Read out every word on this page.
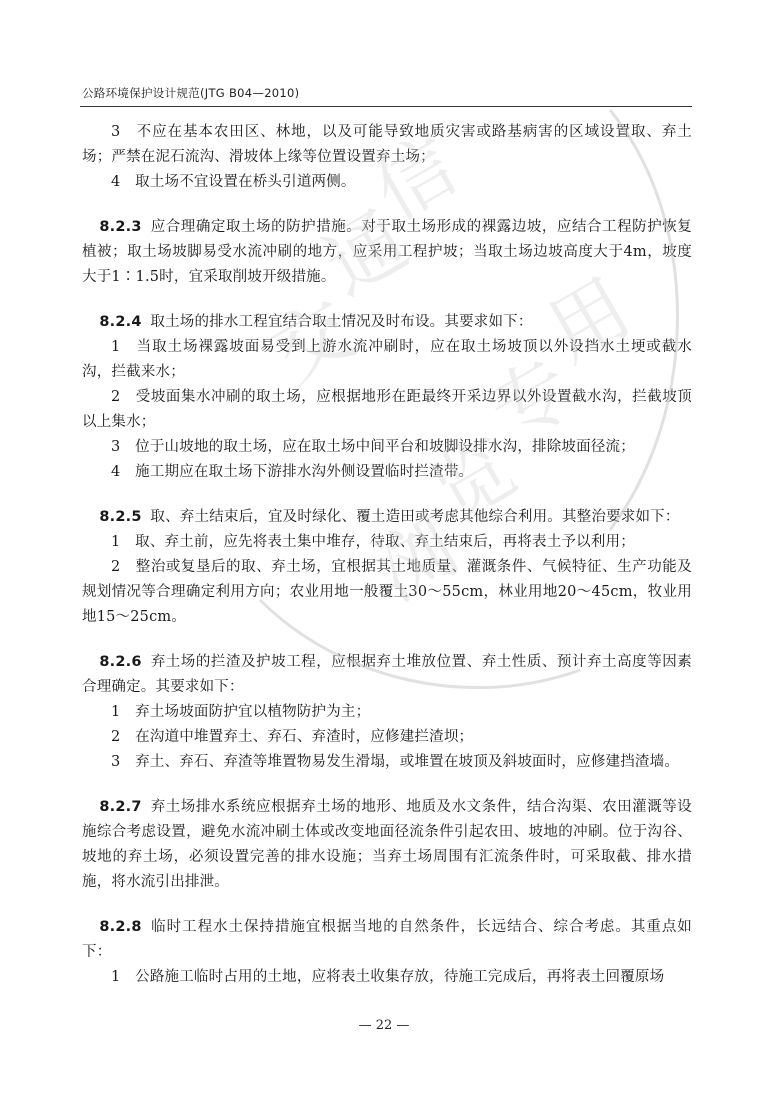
公路环境保护设计规范(JTG B04—2010)

3　不应在基本农田区、林地，以及可能导致地质灾害或路基病害的区域设置取、弃土场；严禁在泥石流沟、滑坡体上缘等位置设置弃土场；

4　取土场不宜设置在桥头引道两侧。

8.2.3 应合理确定取土场的防护措施。对于取土场形成的裸露边坡，应结合工程防护恢复植被；取土场坡脚易受水流冲刷的地方，应采用工程护坡；当取土场边坡高度大于4m，坡度大于1∶1.5时，宜采取削坡开级措施。

8.2.4 取土场的排水工程宜结合取土情况及时布设。其要求如下：

1　当取土场裸露坡面易受到上游水流冲刷时，应在取土场坡顶以外设挡水土埂或截水沟，拦截来水；

2　受坡面集水冲刷的取土场，应根据地形在距最终开采边界以外设置截水沟，拦截坡顶以上集水；

3　位于山坡地的取土场，应在取土场中间平台和坡脚设排水沟，排除坡面径流；

4　施工期应在取土场下游排水沟外侧设置临时拦渣带。

8.2.5 取、弃土结束后，宜及时绿化、覆土造田或考虑其他综合利用。其整治要求如下：

1　取、弃土前，应先将表土集中堆存，待取、弃土结束后，再将表土予以利用；

2　整治或复垦后的取、弃土场，宜根据其土地质量、灌溉条件、气候特征、生产功能及规划情况等合理确定利用方向；农业用地一般覆土30～55cm，林业用地20～45cm，牧业用地15～25cm。

8.2.6 弃土场的拦渣及护坡工程，应根据弃土堆放位置、弃土性质、预计弃土高度等因素合理确定。其要求如下：

1　弃土场坡面防护宜以植物防护为主；

2　在沟道中堆置弃土、弃石、弃渣时，应修建拦渣坝；

3　弃土、弃石、弃渣等堆置物易发生滑塌，或堆置在坡顶及斜坡面时，应修建挡渣墙。

8.2.7 弃土场排水系统应根据弃土场的地形、地质及水文条件，结合沟渠、农田灌溉等设施综合考虑设置，避免水流冲刷土体或改变地面径流条件引起农田、坡地的冲刷。位于沟谷、坡地的弃土场，必须设置完善的排水设施；当弃土场周围有汇流条件时，可采取截、排水措施，将水流引出排泄。

8.2.8 临时工程水土保持措施宜根据当地的自然条件，长远结合、综合考虑。其重点如下：

1　公路施工临时占用的土地，应将表土收集存放，待施工完成后，再将表土回覆原场

交
通
信
浏
览
专
用
— 22 —
